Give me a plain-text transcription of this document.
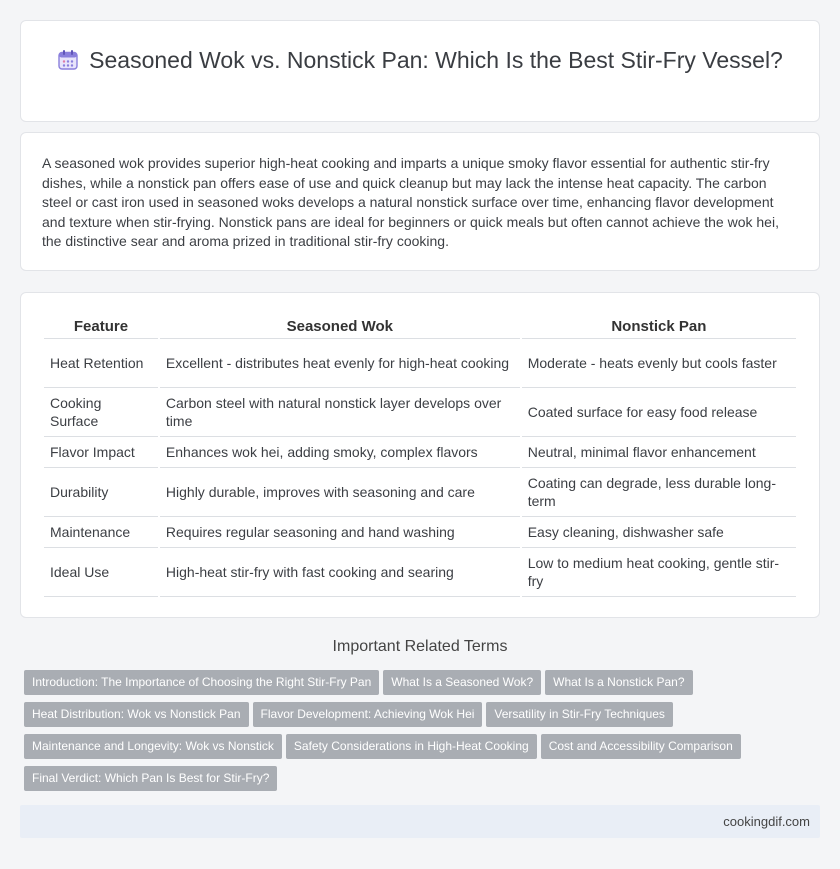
Seasoned Wok vs. Nonstick Pan: Which Is the Best Stir-Fry Vessel?

A seasoned wok provides superior high-heat cooking and imparts a unique smoky flavor essential for authentic stir-fry dishes, while a nonstick pan offers ease of use and quick cleanup but may lack the intense heat capacity. The carbon steel or cast iron used in seasoned woks develops a natural nonstick surface over time, enhancing flavor development and texture when stir-frying. Nonstick pans are ideal for beginners or quick meals but often cannot achieve the wok hei, the distinctive sear and aroma prized in traditional stir-fry cooking.

Feature	Seasoned Wok	Nonstick Pan
Heat Retention	Excellent - distributes heat evenly for high-heat cooking	Moderate - heats evenly but cools faster
Cooking Surface	Carbon steel with natural nonstick layer develops over time	Coated surface for easy food release
Flavor Impact	Enhances wok hei, adding smoky, complex flavors	Neutral, minimal flavor enhancement
Durability	Highly durable, improves with seasoning and care	Coating can degrade, less durable long-term
Maintenance	Requires regular seasoning and hand washing	Easy cleaning, dishwasher safe
Ideal Use	High-heat stir-fry with fast cooking and searing	Low to medium heat cooking, gentle stir-fry
Important Related Terms
Introduction: The Importance of Choosing the Right Stir-Fry Pan What Is a Seasoned Wok? What Is a Nonstick Pan?
Heat Distribution: Wok vs Nonstick Pan Flavor Development: Achieving Wok Hei Versatility in Stir-Fry Techniques
Maintenance and Longevity: Wok vs Nonstick Safety Considerations in High-Heat Cooking Cost and Accessibility Comparison
Final Verdict: Which Pan Is Best for Stir-Fry?
cookingdif.com
